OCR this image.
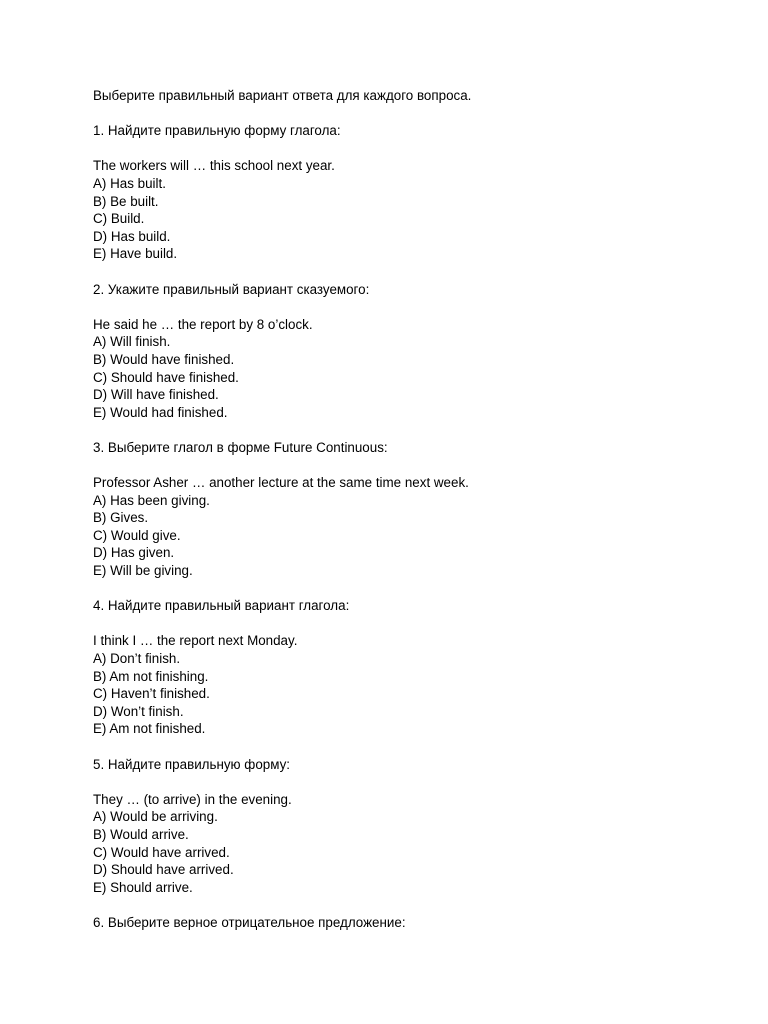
Выберите правильный вариант ответа для каждого вопроса.
1. Найдите правильную форму глагола:
The workers will … this school next year.
A) Has built.
B) Be built.
C) Build.
D) Has build.
E) Have build.
2. Укажите правильный вариант сказуемого:
He said he … the report by 8 o’clock.
A) Will finish.
B) Would have finished.
C) Should have finished.
D) Will have finished.
E) Would had finished.
3. Выберите глагол в форме Future Continuous:
Professor Asher … another lecture at the same time next week.
A) Has been giving.
B) Gives.
C) Would give.
D) Has given.
E) Will be giving.
4. Найдите правильный вариант глагола:
I think I … the report next Monday.
A) Don’t finish.
B) Am not finishing.
C) Haven’t finished.
D) Won’t finish.
E) Am not finished.
5. Найдите правильную форму:
They … (to arrive) in the evening.
A) Would be arriving.
B) Would arrive.
C) Would have arrived.
D) Should have arrived.
E) Should arrive.
6. Выберите верное отрицательное предложение:
